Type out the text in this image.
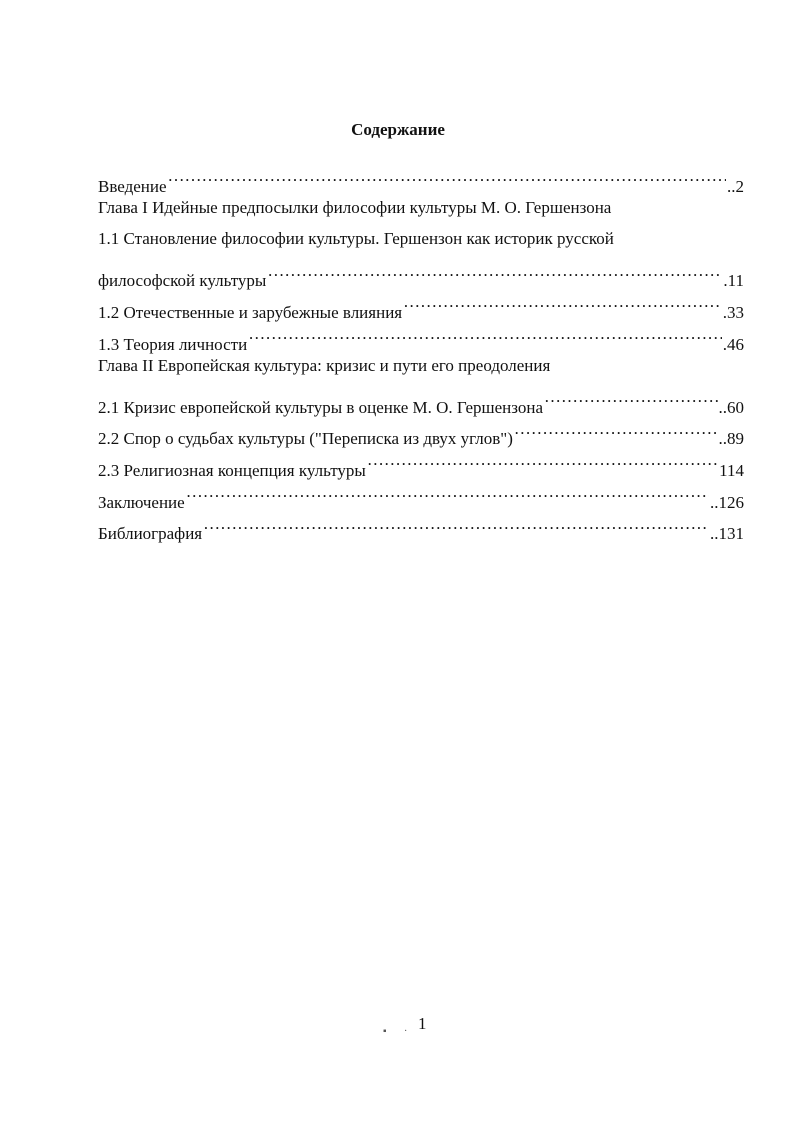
Содержание
Введение …………………………………………………………………………………………………………………………………………………………………………………………………………	..2
Глава I Идейные предпосылки философии культуры М. О. Гершензона
1.1 Становление философии культуры. Гершензон как историк русской
философской культуры …………………………………………………………………………………………………………………………………………………………………………………………………………	.11
1.2 Отечественные и зарубежные влияния …………………………………………………………………………………………………………………………………………………………………………………………………………	.33
1.3 Теория личности …………………………………………………………………………………………………………………………………………………………………………………………………………	.46
Глава II Европейская культура: кризис и пути его преодоления
2.1 Кризис европейской культуры в оценке М. О. Гершензона …………………………………………………………………………………………………………………………………………………………………………………………………………	..60
2.2 Спор о судьбах культуры ("Переписка из двух углов") …………………………………………………………………………………………………………………………………………………………………………………………………………	..89
2.3 Религиозная концепция культуры …………………………………………………………………………………………………………………………………………………………………………………………………………	114
Заключение …………………………………………………………………………………………………………………………………………………………………………………………………………	..126
Библиография …………………………………………………………………………………………………………………………………………………………………………………………………………	..131
▪ · 1
